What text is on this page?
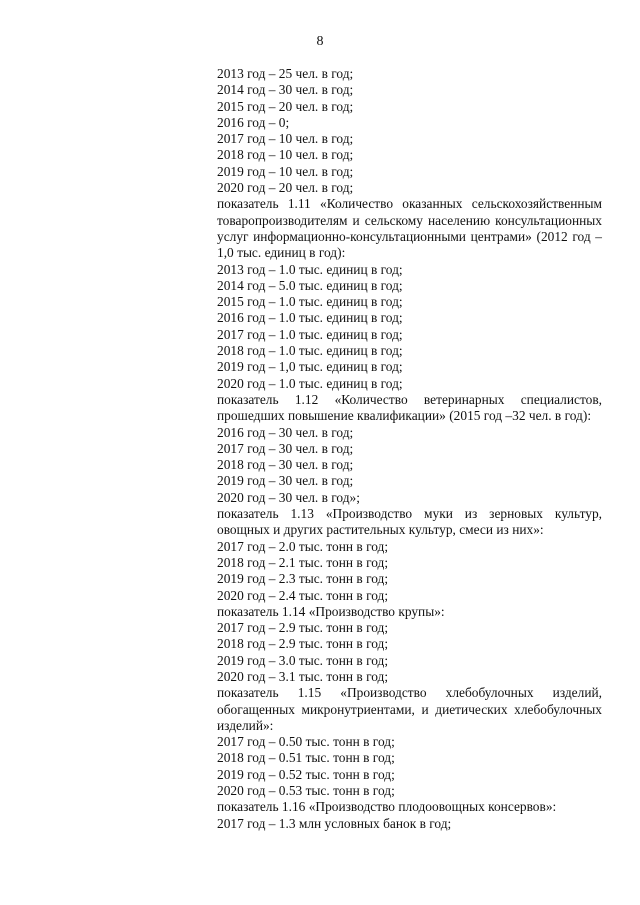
8
2013 год – 25 чел. в год;
2014 год – 30 чел. в год;
2015 год – 20 чел. в год;
2016 год – 0;
2017 год – 10 чел. в год;
2018 год – 10 чел. в год;
2019 год – 10 чел. в год;
2020 год – 20 чел. в год;
показатель 1.11 «Количество оказанных сельскохозяйственным товаропроизводителям и сельскому населению консультационных услуг информационно-консультационными центрами» (2012 год – 1,0 тыс. единиц в год):
2013 год – 1.0 тыс. единиц в год;
2014 год – 5.0 тыс. единиц в год;
2015 год – 1.0 тыс. единиц в год;
2016 год – 1.0 тыс. единиц в год;
2017 год – 1.0 тыс. единиц в год;
2018 год – 1.0 тыс. единиц в год;
2019 год – 1,0 тыс. единиц в год;
2020 год – 1.0 тыс. единиц в год;
показатель 1.12 «Количество ветеринарных специалистов, прошедших повышение квалификации» (2015 год –32 чел. в год):
2016 год – 30 чел. в год;
2017 год – 30 чел. в год;
2018 год – 30 чел. в год;
2019 год – 30 чел. в год;
2020 год – 30 чел. в год»;
показатель 1.13 «Производство муки из зерновых культур, овощных и других растительных культур, смеси из них»:
2017 год – 2.0 тыс. тонн в год;
2018 год – 2.1 тыс. тонн в год;
2019 год – 2.3 тыс. тонн в год;
2020 год – 2.4 тыс. тонн в год;
показатель 1.14 «Производство крупы»:
2017 год – 2.9 тыс. тонн в год;
2018 год – 2.9 тыс. тонн в год;
2019 год – 3.0 тыс. тонн в год;
2020 год – 3.1 тыс. тонн в год;
показатель 1.15 «Производство хлебобулочных изделий, обогащенных микронутриентами, и диетических хлебобулочных изделий»:
2017 год – 0.50 тыс. тонн в год;
2018 год – 0.51 тыс. тонн в год;
2019 год – 0.52 тыс. тонн в год;
2020 год – 0.53 тыс. тонн в год;
показатель 1.16 «Производство плодоовощных консервов»:
2017 год – 1.3 млн условных банок в год;
